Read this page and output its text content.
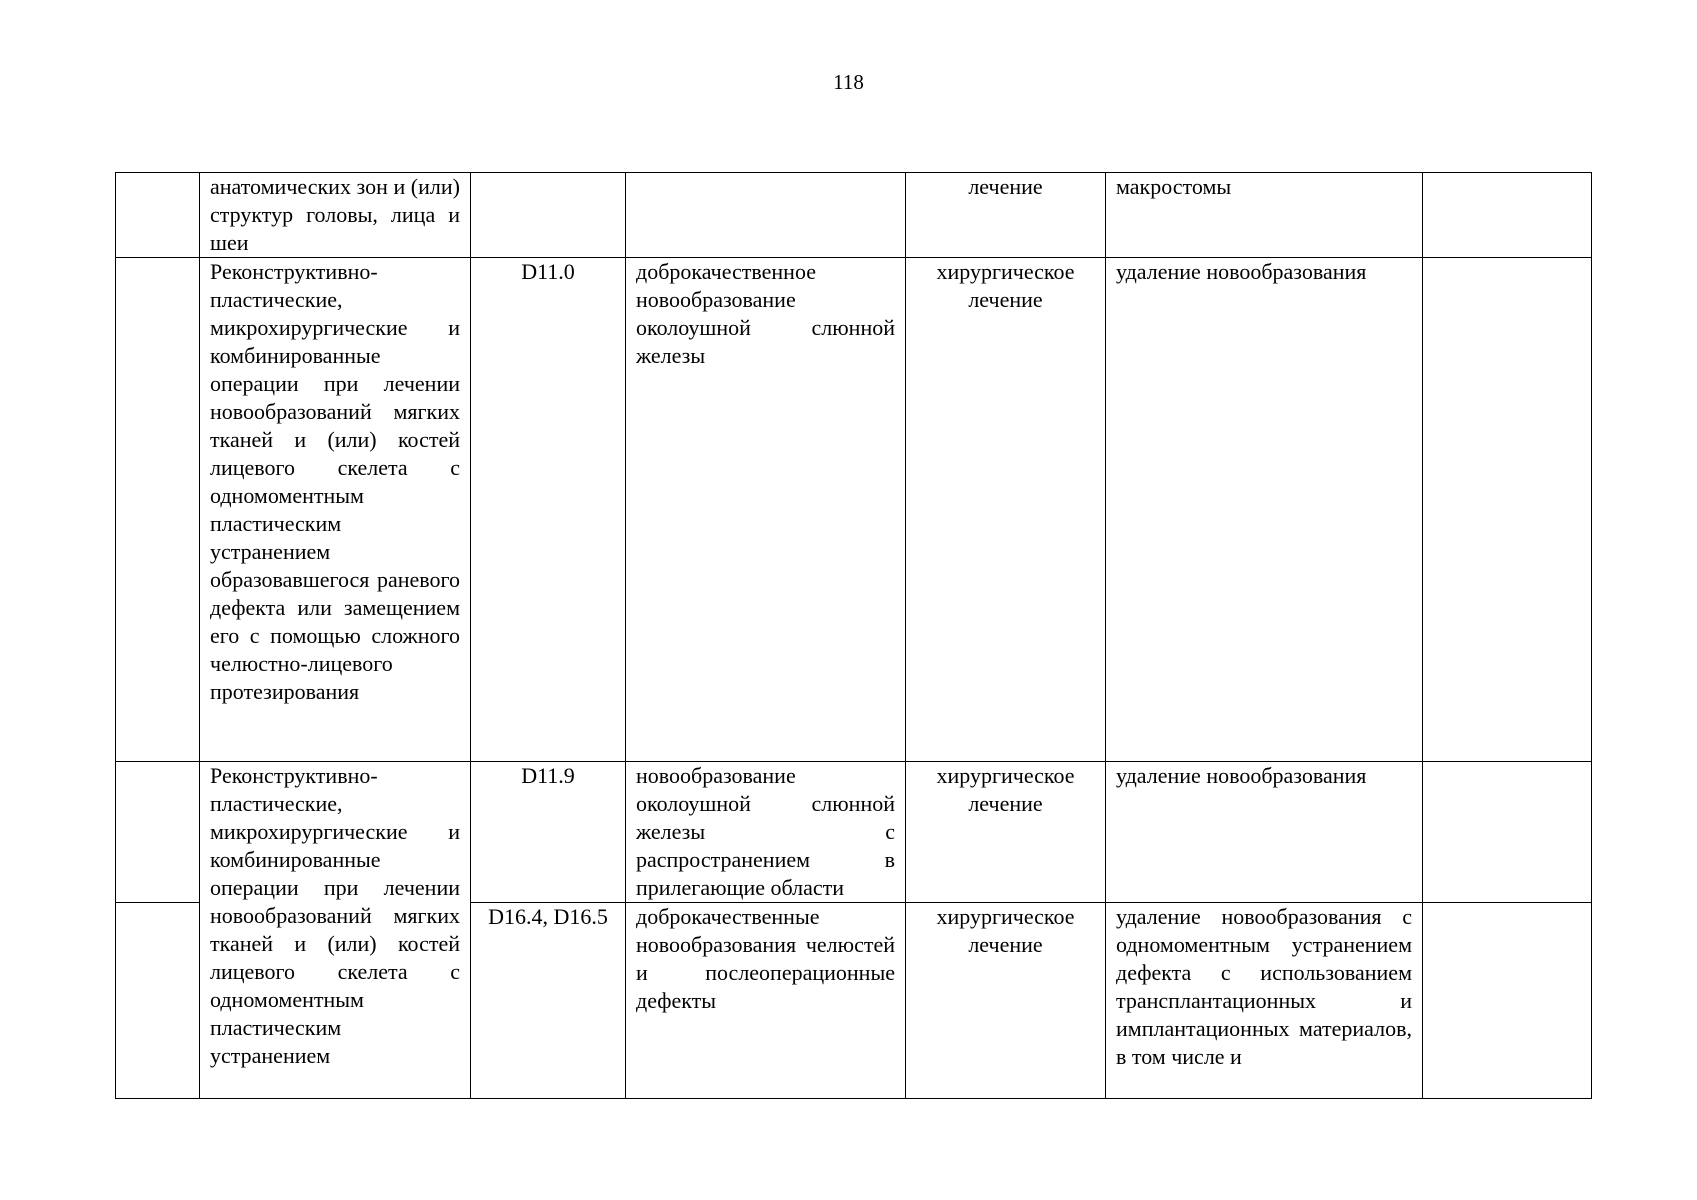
118

	анатомических зон и (или) структур головы, лица и шеи			лечение	макростомы	

	Реконструктивно-пластические, микрохирургические и комбинированные операции при лечении новообразований мягких тканей и (или) костей лицевого скелета с одномоментным пластическим устранением образовавшегося раневого дефекта или замещением его с помощью сложного челюстно-лицевого протезирования	D11.0	доброкачественное новообразование околоушной слюнной железы	хирургическое лечение	удаление новообразования	

	Реконструктивно-пластические, микрохирургические и комбинированные операции при лечении новообразований мягких тканей и (или) костей лицевого скелета с одномоментным пластическим устранением	D11.9	новообразование околоушной слюнной железы с распространением в прилегающие области	хирургическое лечение	удаление новообразования	

		D16.4, D16.5	доброкачественные новообразования челюстей и послеоперационные дефекты	хирургическое лечение	удаление новообразования с одномоментным устранением дефекта с использованием трансплантационных и имплантационных материалов, в том числе и	
